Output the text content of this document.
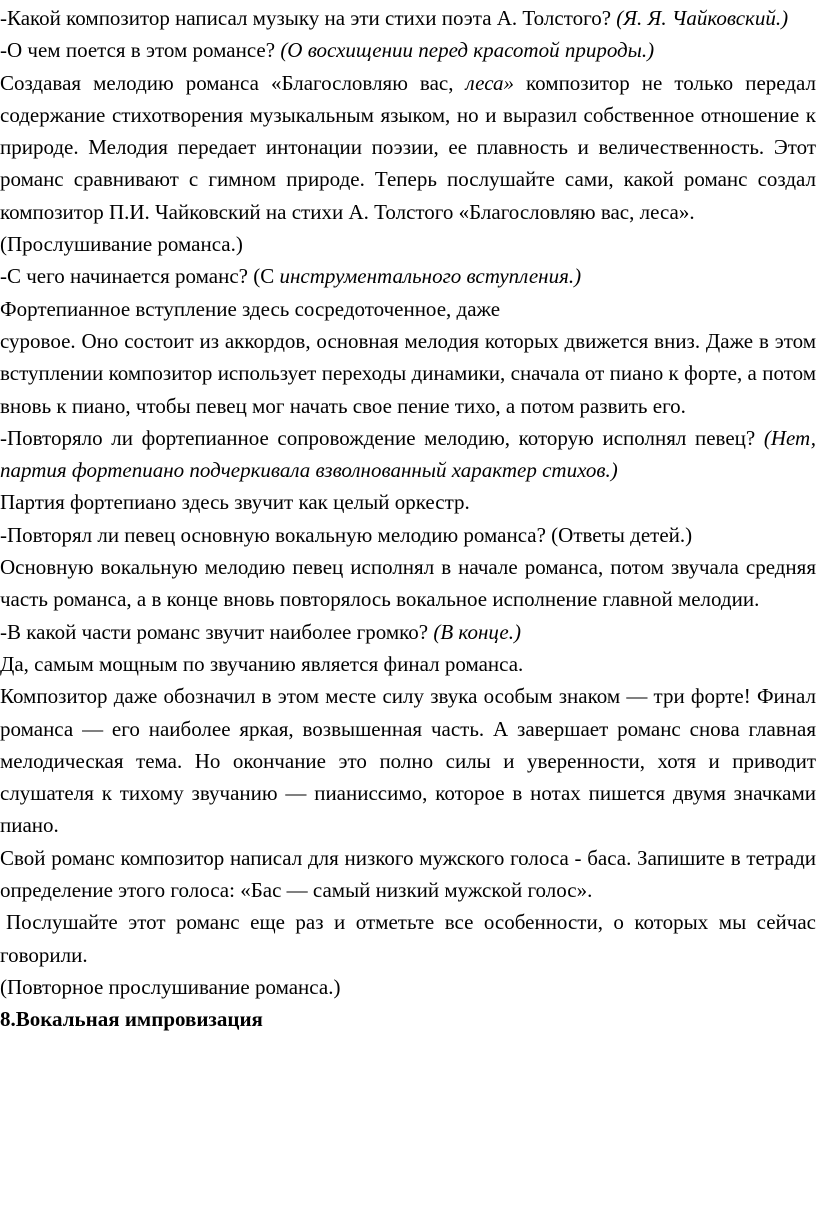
-Какой композитор написал музыку на эти стихи поэта А. Толстого? (Я. Я. Чайковский.)

-О чем поется в этом романсе? (О восхищении перед красотой природы.)

Создавая мелодию романса «Благословляю вас, леса» композитор не только передал содержание стихотворения музыкальным языком, но и выразил собственное отношение к природе. Мелодия передает интонации поэзии, ее плавность и величественность. Этот романс сравнивают с гимном природе. Теперь послушайте сами, какой романс создал композитор П.И. Чайковский на стихи А. Толстого «Благословляю вас, леса».

(Прослушивание романса.)

-С чего начинается романс? (С инструментального вступления.)

Фортепианное вступление здесь сосредоточенное, даже

суровое. Оно состоит из аккордов, основная мелодия которых движется вниз. Даже в этом вступлении композитор использует переходы динамики, сначала от пиано к форте, а потом вновь к пиано, чтобы певец мог начать свое пение тихо, а потом развить его.

-Повторяло ли фортепианное сопровождение мелодию, которую исполнял певец? (Нет, партия фортепиано подчеркивала взволнованный характер стихов.)

Партия фортепиано здесь звучит как целый оркестр.

-Повторял ли певец основную вокальную мелодию романса? (Ответы детей.)

Основную вокальную мелодию певец исполнял в начале романса, потом звучала средняя часть романса, а в конце вновь повторялось вокальное исполнение главной мелодии.

-В какой части романс звучит наиболее громко? (В конце.)

Да, самым мощным по звучанию является финал романса.

Композитор даже обозначил в этом месте силу звука особым знаком — три форте! Финал романса — его наиболее яркая, возвышенная часть. А завершает романс снова главная мелодическая тема. Но окончание это полно силы и уверенности, хотя и приводит слушателя к тихому звучанию — пианиссимо, которое в нотах пишется двумя значками пиано.

Свой романс композитор написал для низкого мужского голоса - баса. Запишите в тетради определение этого голоса: «Бас — самый низкий мужской голос».

Послушайте этот романс еще раз и отметьте все особенности, о которых мы сейчас говорили.

(Повторное прослушивание романса.)

8.Вокальная импровизация
